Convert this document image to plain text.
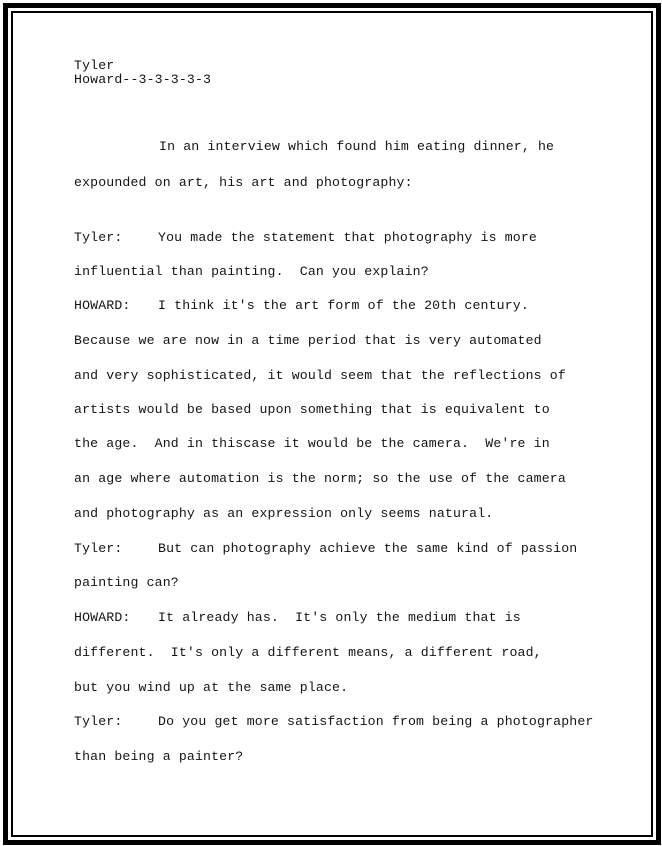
Tyler
Howard--3-3-3-3-3
In an interview which found him eating dinner, he
expounded on art, his art and photography:
Tyler:	You made the statement that photography is more
influential than painting.  Can you explain?
HOWARD: I think it's the art form of the 20th century.
Because we are now in a time period that is very automated
and very sophisticated, it would seem that the reflections of
artists would be based upon something that is equivalent to
the age.  And in thiscase it would be the camera.  We're in
an age where automation is the norm; so the use of the camera
and photography as an expression only seems natural.
Tyler:	But can photography achieve the same kind of passion
painting can?
HOWARD: It already has.  It's only the medium that is
different.  It's only a different means, a different road,
but you wind up at the same place.
Tyler:	Do you get more satisfaction from being a photographer
than being a painter?
